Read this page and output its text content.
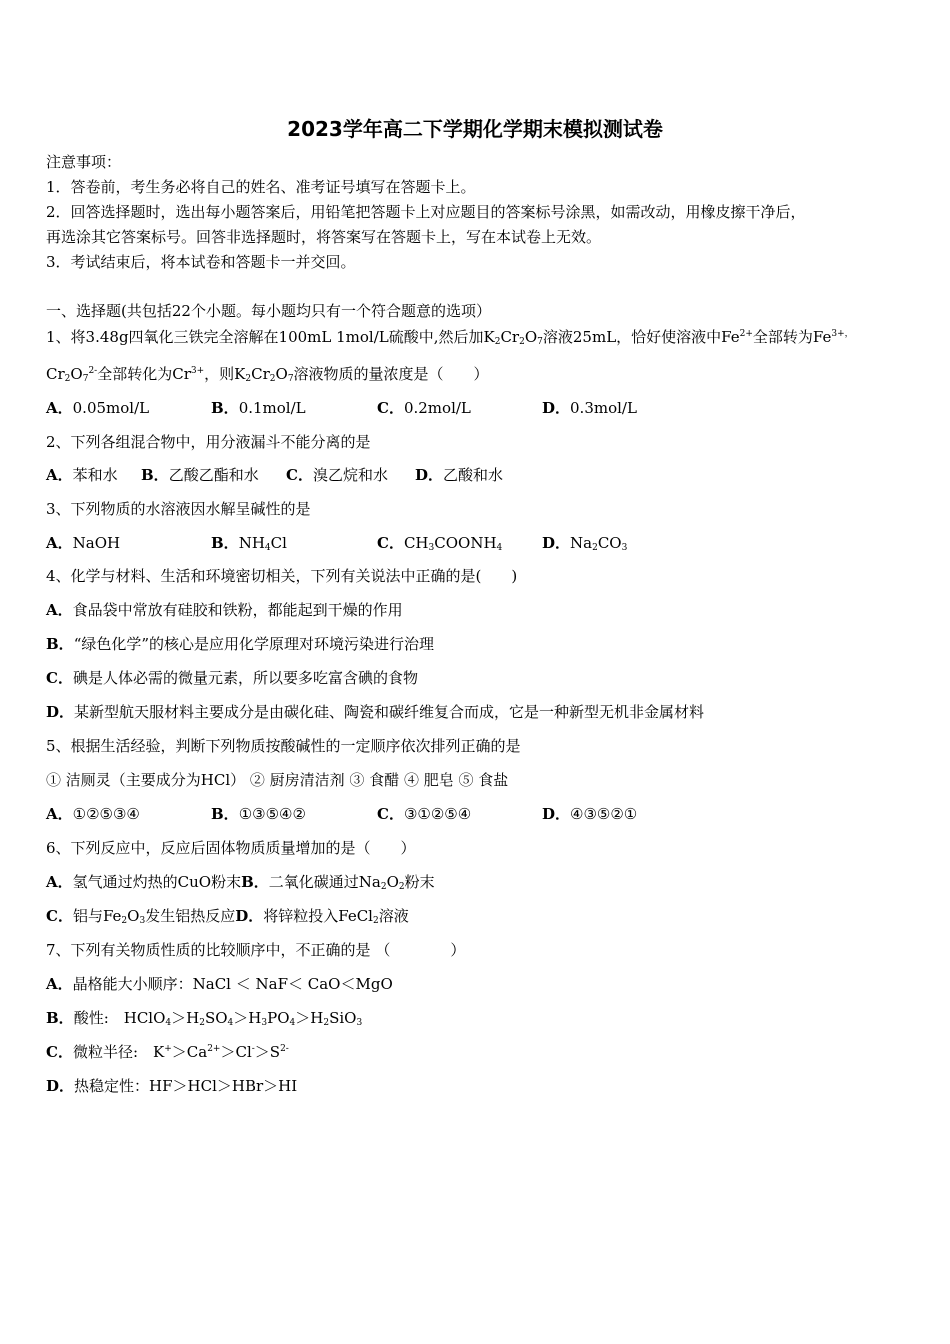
2023学年高二下学期化学期末模拟测试卷
注意事项：
1．答卷前，考生务必将自己的姓名、准考证号填写在答题卡上。
2．回答选择题时，选出每小题答案后，用铅笔把答题卡上对应题目的答案标号涂黑，如需改动，用橡皮擦干净后，
再选涂其它答案标号。回答非选择题时，将答案写在答题卡上，写在本试卷上无效。
3．考试结束后，将本试卷和答题卡一并交回。
一、选择题(共包括22个小题。每小题均只有一个符合题意的选项）
1、将3.48g四氧化三铁完全溶解在100mL 1mol/L硫酸中,然后加$K_2Cr_2O_7$溶液25mL，恰好使溶液中$Fe^{2+}$全部转为$Fe^{3+,}$
$Cr_2O_7^{2-}$全部转化为$Cr^{3+}$，则$K_2Cr_2O_7$溶液物质的量浓度是（　　）
A．0.05mol/L	B．0.1mol/L	C．0.2mol/L	D．0.3mol/L
2、下列各组混合物中，用分液漏斗不能分离的是
A．苯和水 B．乙酸乙酯和水 C．溴乙烷和水 D．乙酸和水
3、下列物质的水溶液因水解呈碱性的是
A．NaOH	B．$NH_4Cl$	C．$CH_3COONH_4$	D．$Na_2CO_3$
4、化学与材料、生活和环境密切相关，下列有关说法中正确的是(　　)
A．食品袋中常放有硅胶和铁粉，都能起到干燥的作用
B．“绿色化学”的核心是应用化学原理对环境污染进行治理
C．碘是人体必需的微量元素，所以要多吃富含碘的食物
D．某新型航天服材料主要成分是由碳化硅、陶瓷和碳纤维复合而成，它是一种新型无机非金属材料
5、根据生活经验，判断下列物质按酸碱性的一定顺序依次排列正确的是
① 洁厕灵（主要成分为HCl） ② 厨房清洁剂 ③ 食醋 ④ 肥皂 ⑤ 食盐
A．①②⑤③④	B．①③⑤④②	C．③①②⑤④	D．④③⑤②①
6、下列反应中，反应后固体物质质量增加的是（　　）
A．氢气通过灼热的CuO粉末B．二氧化碳通过$Na_2O_2$粉末
C．铝与$Fe_2O_3$发生铝热反应D．将锌粒投入FeCl$_2$溶液
7、下列有关物质性质的比较顺序中，不正确的是 （　　　　）
A．晶格能大小顺序：NaCl ＜ NaF＜ CaO＜MgO
B．酸性:　$HClO_4>H_2SO_4>H_3PO_4>H_2SiO_3$
C．微粒半径:　$K^+>Ca^{2+}>Cl^->S^{2-}$
D．热稳定性：HF＞HCl＞HBr＞HI
